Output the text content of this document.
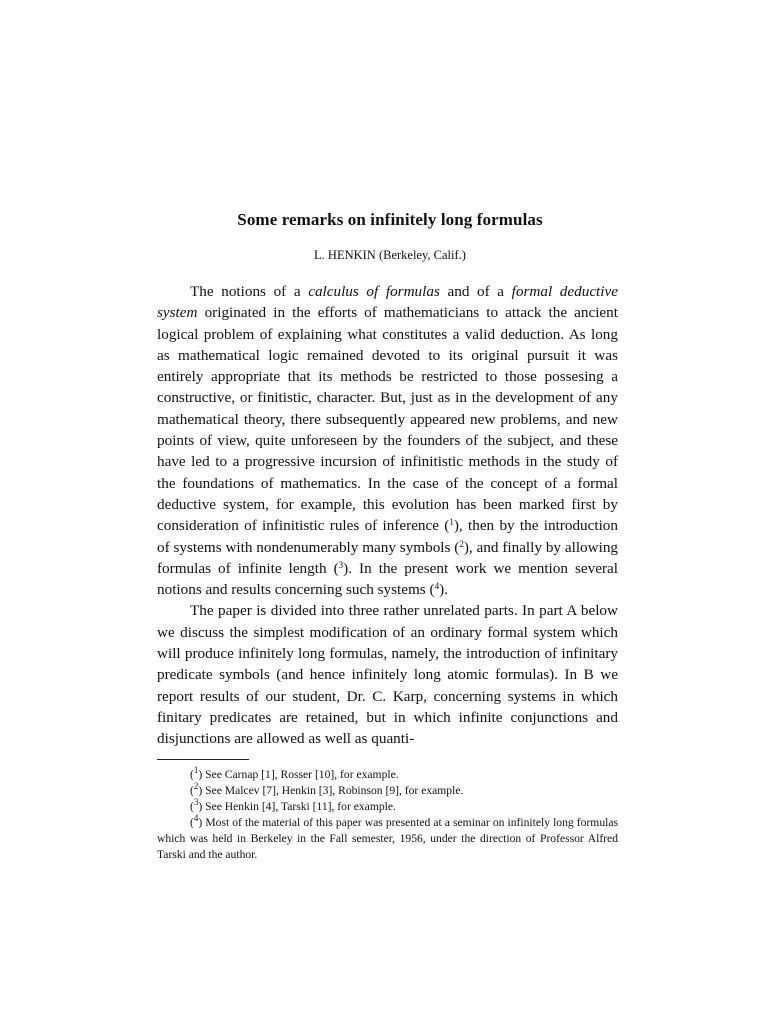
Some remarks on infinitely long formulas
L. HENKIN (Berkeley, Calif.)

The notions of a calculus of formulas and of a formal deductive system originated in the efforts of mathematicians to attack the ancient logical problem of explaining what constitutes a valid deduction. As long as mathematical logic remained devoted to its original pursuit it was entirely appropriate that its methods be restricted to those possesing a constructive, or finitistic, character. But, just as in the development of any mathematical theory, there subsequently appeared new problems, and new points of view, quite unforeseen by the founders of the subject, and these have led to a progressive incursion of infinitistic methods in the study of the foundations of mathematics. In the case of the concept of a formal deductive system, for example, this evolution has been marked first by consideration of infinitistic rules of inference ($^1$), then by the introduction of systems with nondenumerably many symbols ($^2$), and finally by allowing formulas of infinite length ($^3$). In the present work we mention several notions and results concerning such systems ($^4$).

The paper is divided into three rather unrelated parts. In part A below we discuss the simplest modification of an ordinary formal system which will produce infinitely long formulas, namely, the introduction of infinitary predicate symbols (and hence infinitely long atomic formulas). In B we report results of our student, Dr. C. Karp, concerning systems in which finitary predicates are retained, but in which infinite conjunctions and disjunctions are allowed as well as quanti-

($^1$) See Carnap [1], Rosser [10], for example.

($^2$) See Malcev [7], Henkin [3], Robinson [9], for example.

($^3$) See Henkin [4], Tarski [11], for example.

($^4$) Most of the material of this paper was presented at a seminar on infinitely long formulas which was held in Berkeley in the Fall semester, 1956, under the direction of Professor Alfred Tarski and the author.
